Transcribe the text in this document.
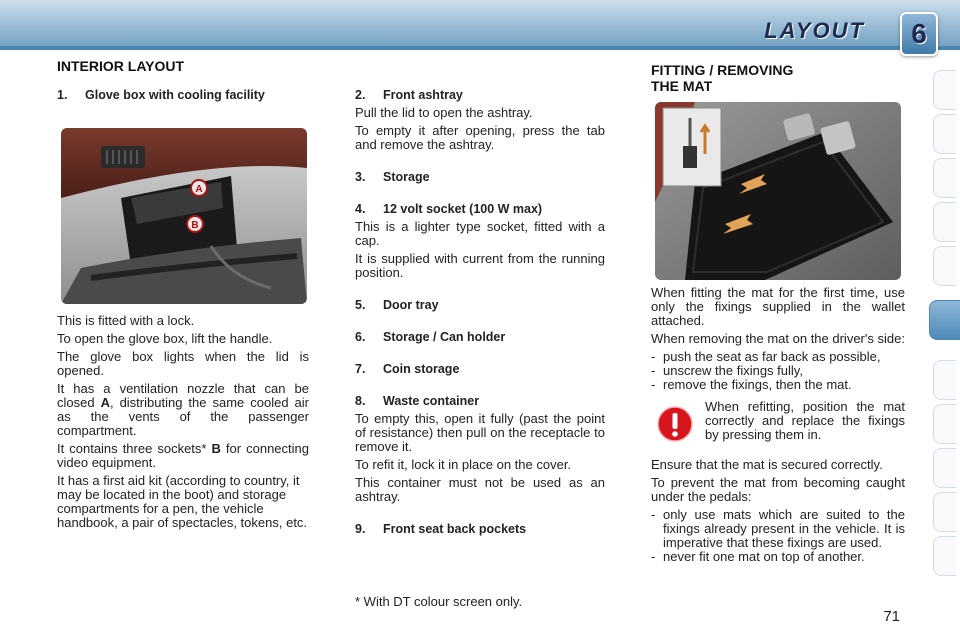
LAYOUT	6
INTERIOR LAYOUT
1. Glove box with cooling facility
A
B

This is fitted with a lock.

To open the glove box, lift the handle.

The glove box lights when the lid is opened.

It has a ventilation nozzle that can be closed A, distributing the same cooled air as the vents of the passenger compartment.

It contains three sockets* B for connecting video equipment.

It has a first aid kit (according to country, it may be located in the boot) and storage compartments for a pen, the vehicle handbook, a pair of spectacles, tokens, etc.

2. Front ashtray

Pull the lid to open the ashtray.

To empty it after opening, press the tab and remove the ashtray.

3. Storage
4. 12 volt socket (100 W max)

This is a lighter type socket, fitted with a cap.

It is supplied with current from the running position.

5. Door tray
6. Storage / Can holder
7. Coin storage
8. Waste container

To empty this, open it fully (past the point of resistance) then pull on the receptacle to remove it.

To refit it, lock it in place on the cover.

This container must not be used as an ashtray.

9. Front seat back pockets
* With DT colour screen only.
FITTING / REMOVING
THE MAT

When fitting the mat for the first time, use only the fixings supplied in the wallet attached.

When removing the mat on the driver's side:

- push the seat as far back as possible,
- unscrew the fixings fully,
- remove the fixings, then the mat.
When refitting, position the mat correctly and replace the fixings by pressing them in.

Ensure that the mat is secured correctly.

To prevent the mat from becoming caught under the pedals:

- only use mats which are suited to the fixings already present in the vehicle. It is imperative that these fixings are used.
- never fit one mat on top of another.
71
